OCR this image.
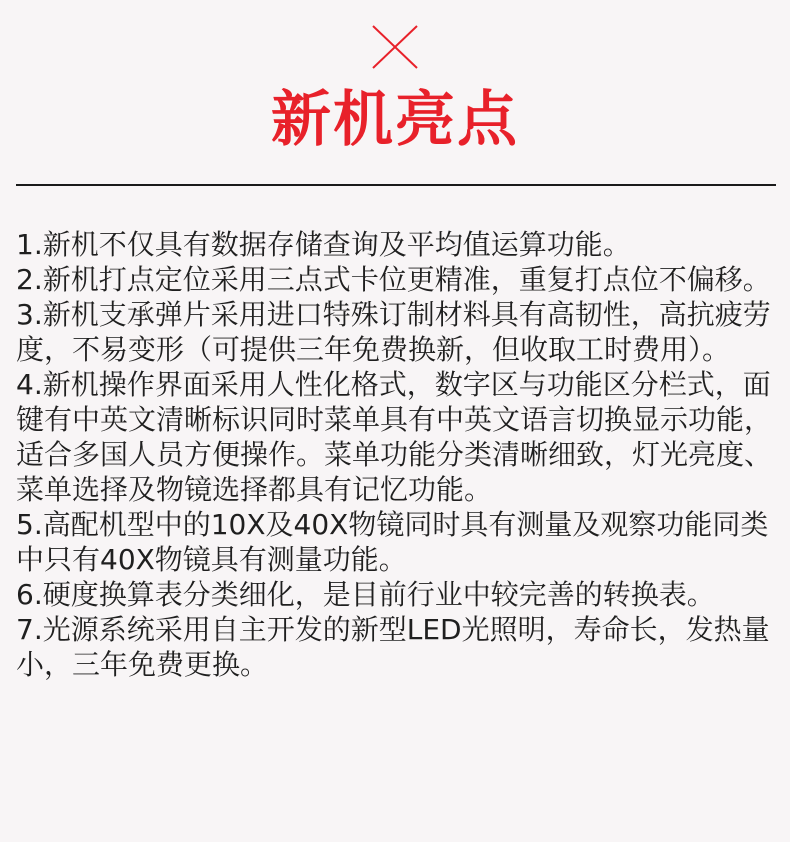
新机亮点
1.新机不仅具有数据存储查询及平均值运算功能。
2.新机打点定位采用三点式卡位更精准，重复打点位不偏移。
3.新机支承弹片采用进口特殊订制材料具有高韧性，高抗疲劳度，不易变形（可提供三年免费换新，但收取工时费用）。
4.新机操作界面采用人性化格式，数字区与功能区分栏式，面键有中英文清晰标识同时菜单具有中英文语言切换显示功能，适合多国人员方便操作。菜单功能分类清晰细致，灯光亮度、菜单选择及物镜选择都具有记忆功能。
5.高配机型中的10X及40X物镜同时具有测量及观察功能同类中只有40X物镜具有测量功能。
6.硬度换算表分类细化，是目前行业中较完善的转换表。
7.光源系统采用自主开发的新型LED光照明，寿命长，发热量小，三年免费更换。
